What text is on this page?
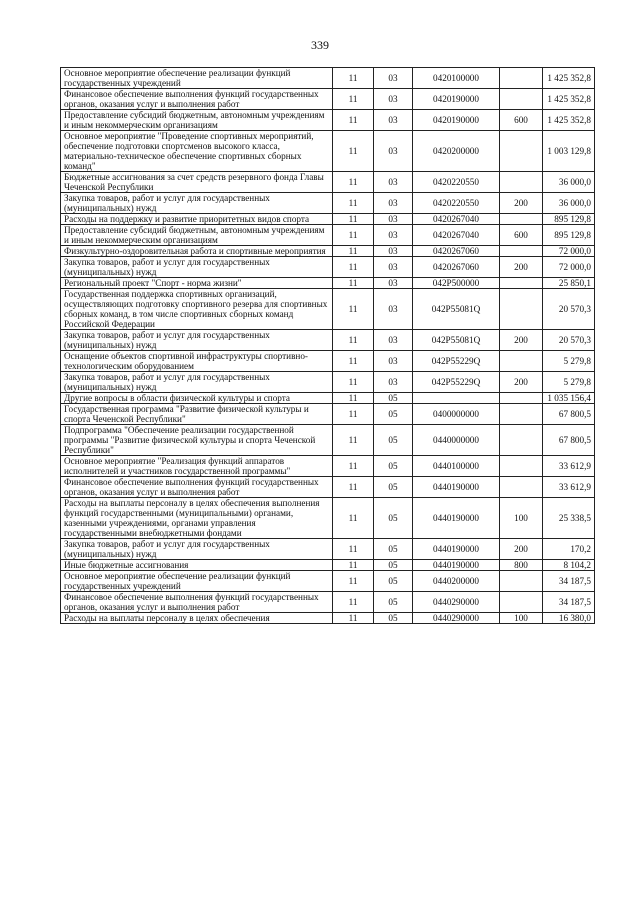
339
Основное мероприятие обеспечение реализации функций государственных учреждений	11	03	0420100000		1 425 352,8
Финансовое обеспечение выполнения функций государственных органов, оказания услуг и выполнения работ	11	03	0420190000		1 425 352,8
Предоставление субсидий бюджетным, автономным учреждениям и иным некоммерческим организациям	11	03	0420190000	600	1 425 352,8
Основное мероприятие "Проведение спортивных мероприятий, обеспечение подготовки спортсменов высокого класса, материально-техническое обеспечение спортивных сборных команд"	11	03	0420200000		1 003 129,8
Бюджетные ассигнования за счет средств резервного фонда Главы Чеченской Республики	11	03	0420220550		36 000,0
Закупка товаров, работ и услуг для государственных (муниципальных) нужд	11	03	0420220550	200	36 000,0
Расходы на поддержку и развитие приоритетных видов спорта	11	03	0420267040		895 129,8
Предоставление субсидий бюджетным, автономным учреждениям и иным некоммерческим организациям	11	03	0420267040	600	895 129,8
Физкультурно-оздоровительная работа и спортивные мероприятия	11	03	0420267060		72 000,0
Закупка товаров, работ и услуг для государственных (муниципальных) нужд	11	03	0420267060	200	72 000,0
Региональный проект "Спорт - норма жизни"	11	03	042P500000		25 850,1
Государственная поддержка спортивных организаций, осуществляющих подготовку спортивного резерва для спортивных сборных команд, в том числе спортивных сборных команд Российской Федерации	11	03	042P55081Q		20 570,3
Закупка товаров, работ и услуг для государственных (муниципальных) нужд	11	03	042P55081Q	200	20 570,3
Оснащение объектов спортивной инфраструктуры спортивно-технологическим оборудованием	11	03	042P55229Q		5 279,8
Закупка товаров, работ и услуг для государственных (муниципальных) нужд	11	03	042P55229Q	200	5 279,8
Другие вопросы в области физической культуры и спорта	11	05			1 035 156,4
Государственная программа "Развитие физической культуры и спорта Чеченской Республики"	11	05	0400000000		67 800,5
Подпрограмма "Обеспечение реализации государственной программы "Развитие физической культуры и спорта Чеченской Республики"	11	05	0440000000		67 800,5
Основное мероприятие "Реализация функций аппаратов исполнителей и участников государственной программы"	11	05	0440100000		33 612,9
Финансовое обеспечение выполнения функций государственных органов, оказания услуг и выполнения работ	11	05	0440190000		33 612,9
Расходы на выплаты персоналу в целях обеспечения выполнения функций государственными (муниципальными) органами, казенными учреждениями, органами управления государственными внебюджетными фондами	11	05	0440190000	100	25 338,5
Закупка товаров, работ и услуг для государственных (муниципальных) нужд	11	05	0440190000	200	170,2
Иные бюджетные ассигнования	11	05	0440190000	800	8 104,2
Основное мероприятие обеспечение реализации функций государственных учреждений	11	05	0440200000		34 187,5
Финансовое обеспечение выполнения функций государственных органов, оказания услуг и выполнения работ	11	05	0440290000		34 187,5
Расходы на выплаты персоналу в целях обеспечения	11	05	0440290000	100	16 380,0
